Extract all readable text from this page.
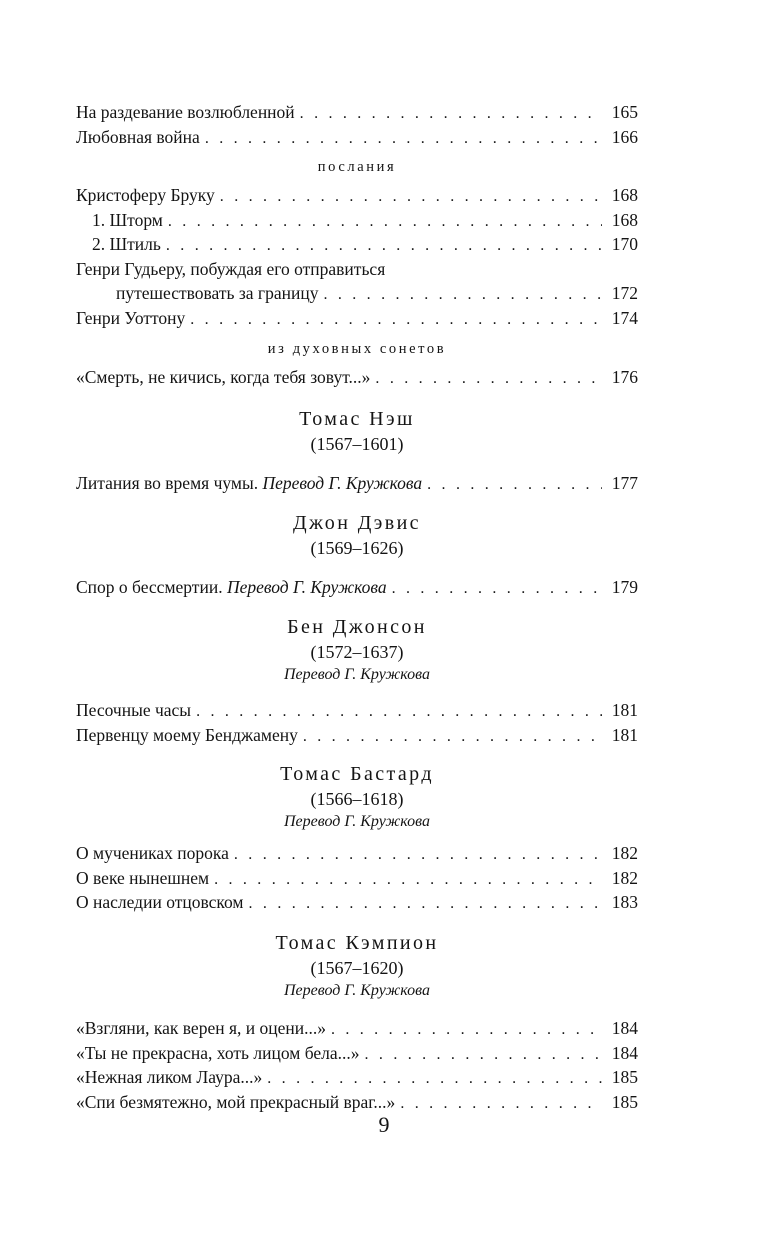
На раздевание возлюбленной . . .	165
Любовная война . . .	166
послания
Кристоферу Бруку . . .	168
1. Шторм . . .	168
2. Штиль . . .	170
Генри Гудьеру, побуждая его отправиться
путешествовать за границу . . .	172
Генри Уоттону . . .	174
из духовных сонетов
«Смерть, не кичись, когда тебя зовут...» . . .	176
Томас Нэш
(1567–1601)
Литания во время чумы. Перевод Г. Кружкова . . .	177
Джон Дэвис
(1569–1626)
Спор о бессмертии. Перевод Г. Кружкова . . .	179
Бен Джонсон
(1572–1637)
Перевод Г. Кружкова
Песочные часы . . .	181
Первенцу моему Бенджамену . . .	181
Томас Бастард
(1566–1618)
Перевод Г. Кружкова
О мучениках порока . . .	182
О веке нынешнем . . .	182
О наследии отцовском . . .	183
Томас Кэмпион
(1567–1620)
Перевод Г. Кружкова
«Взгляни, как верен я, и оцени...» . . .	184
«Ты не прекрасна, хоть лицом бела...» . . .	184
«Нежная ликом Лаура...» . . .	185
«Спи безмятежно, мой прекрасный враг...» . . .	185
9
